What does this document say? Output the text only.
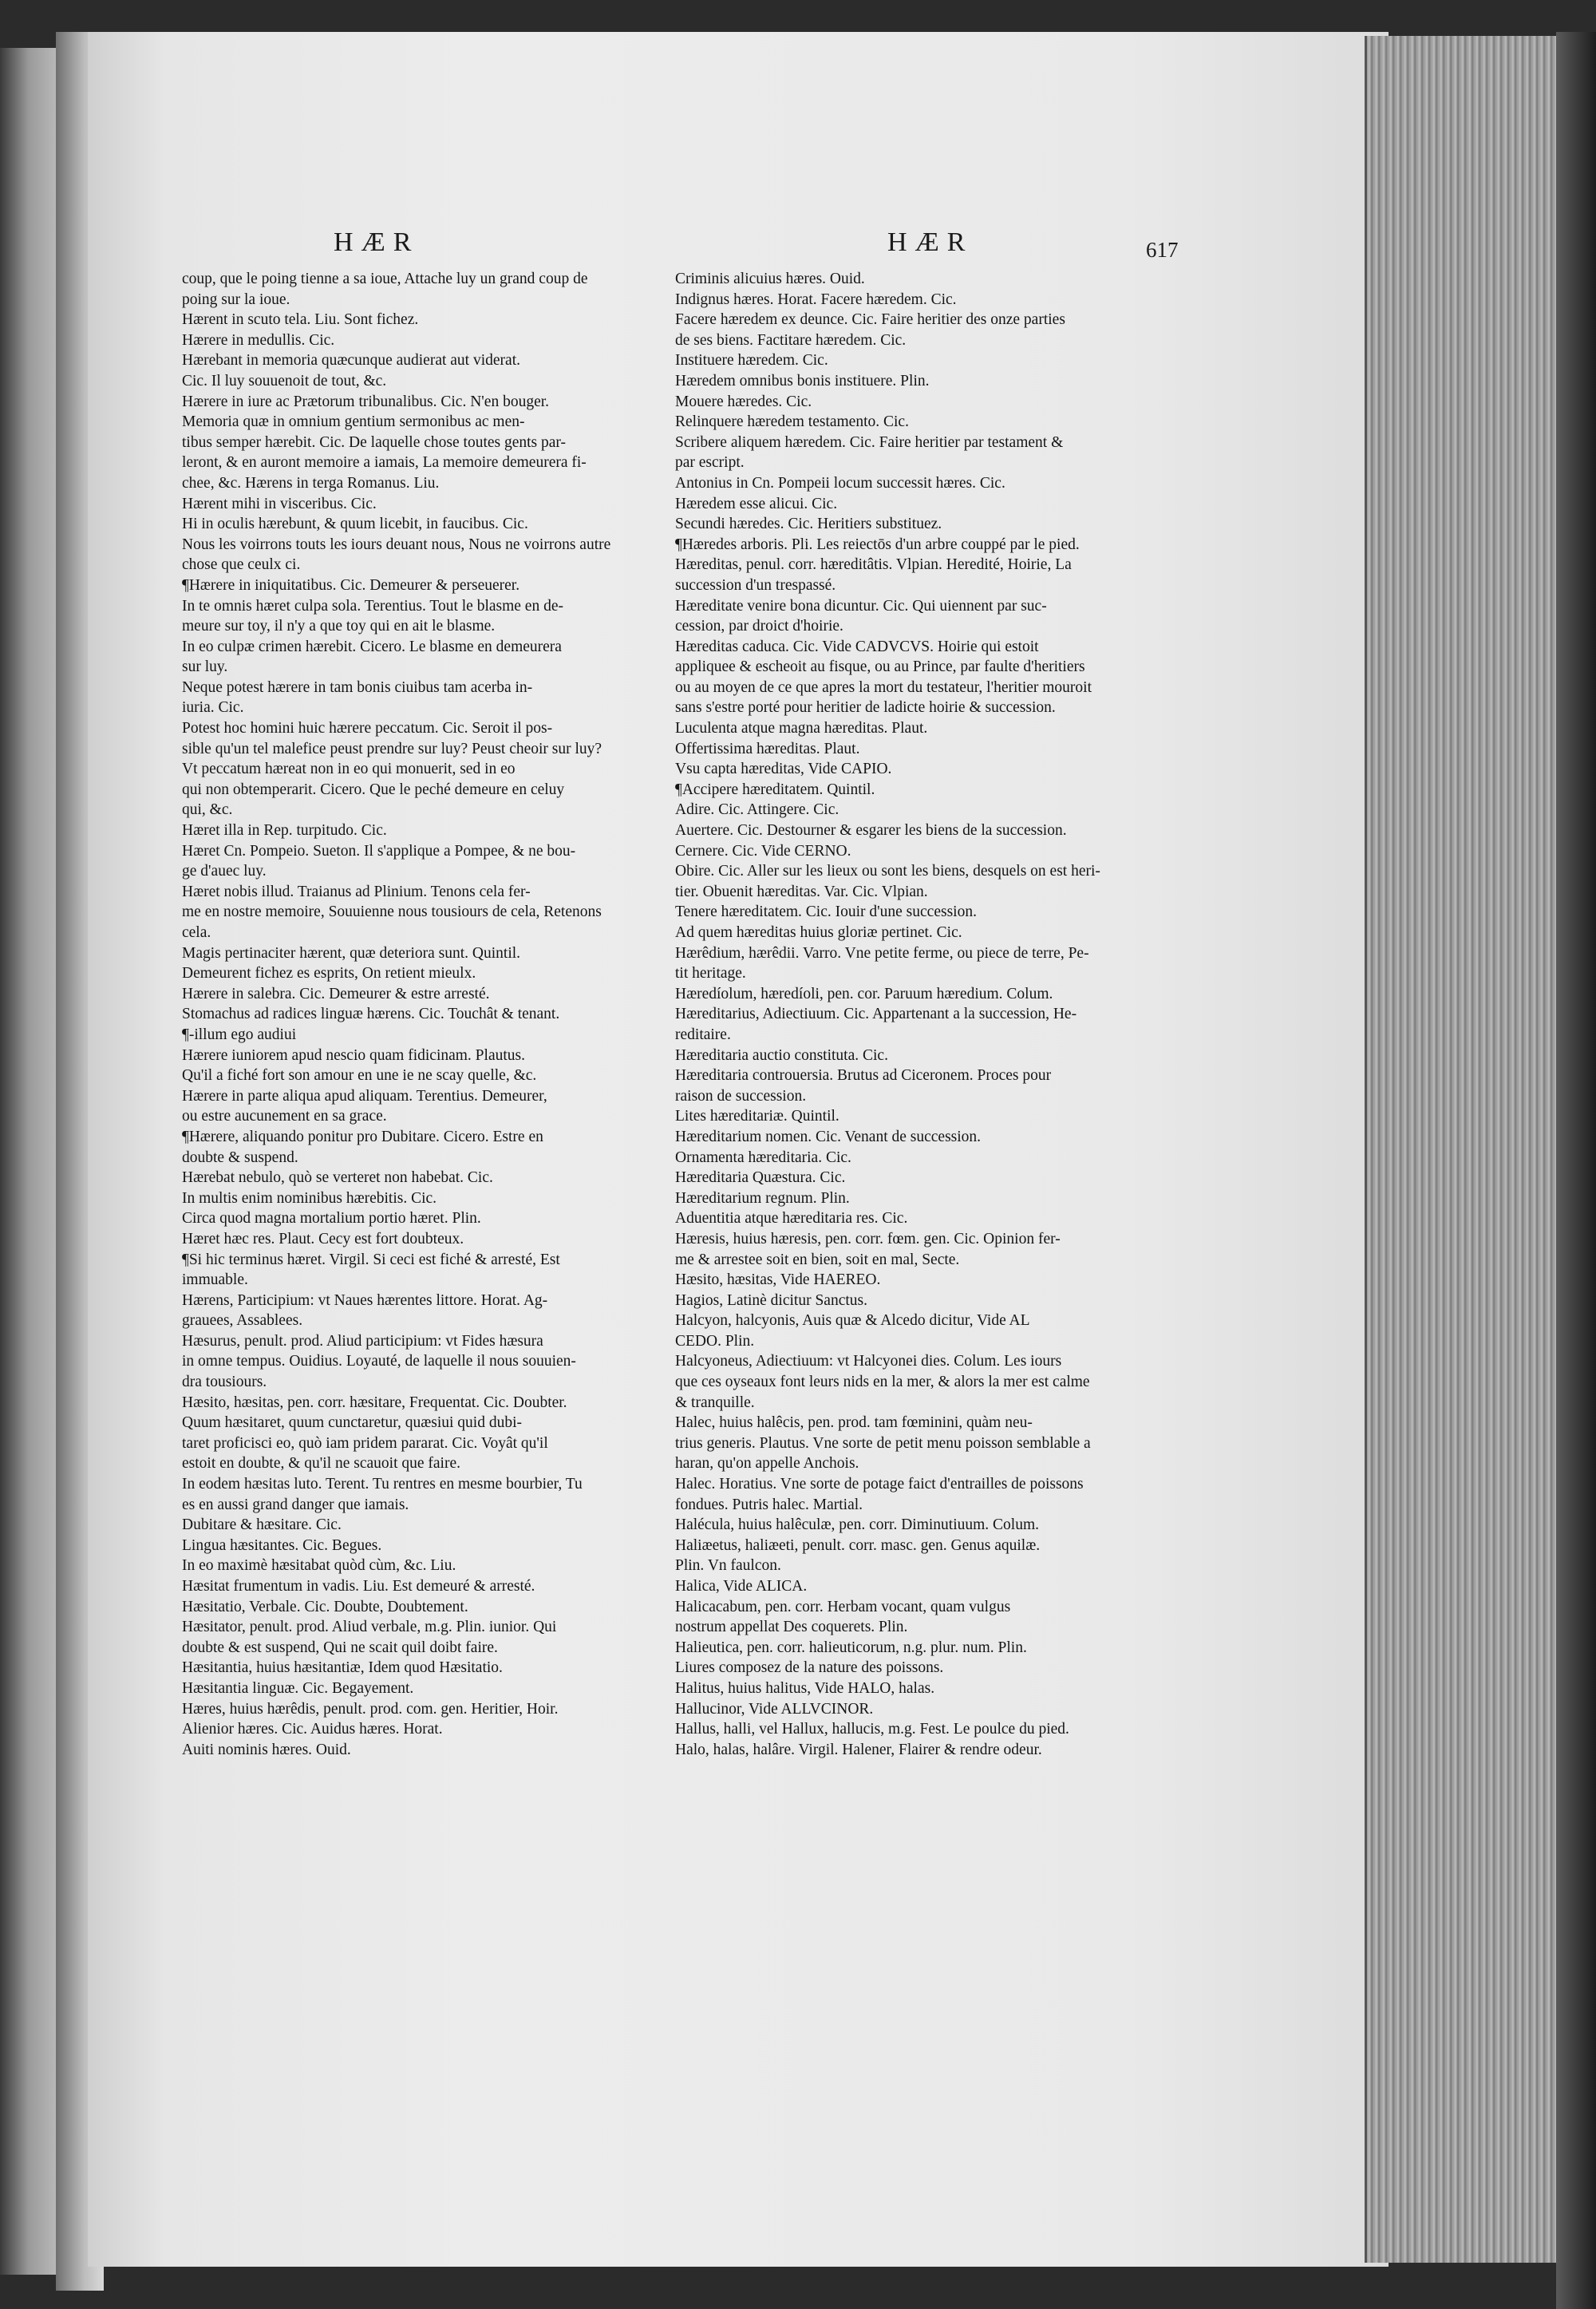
HÆR	HÆR	617
coup, que le poing tienne a sa ioue, Attache luy un grand coup de
poing sur la ioue.
Hærent in scuto tela. Liu. Sont fichez.
Hærere in medullis. Cic.
Hærebant in memoria quæcunque audierat aut viderat.
Cic. Il luy souuenoit de tout, &c.
Hærere in iure ac Prætorum tribunalibus. Cic. N'en bouger.
Memoria quæ in omnium gentium sermonibus ac men-
tibus semper hærebit. Cic. De laquelle chose toutes gents par-
leront, & en auront memoire a iamais, La memoire demeurera fi-
chee, &c. Hærens in terga Romanus. Liu.
Hærent mihi in visceribus. Cic.
Hi in oculis hærebunt, & quum licebit, in faucibus. Cic.
Nous les voirrons touts les iours deuant nous, Nous ne voirrons autre
chose que ceulx ci.
¶Hærere in iniquitatibus. Cic. Demeurer & perseuerer.
In te omnis hæret culpa sola. Terentius. Tout le blasme en de-
meure sur toy, il n'y a que toy qui en ait le blasme.
In eo culpæ crimen hærebit. Cicero. Le blasme en demeurera
sur luy.
Neque potest hærere in tam bonis ciuibus tam acerba in-
iuria. Cic.
Potest hoc homini huic hærere peccatum. Cic. Seroit il pos-
sible qu'un tel malefice peust prendre sur luy? Peust cheoir sur luy?
Vt peccatum hæreat non in eo qui monuerit, sed in eo
qui non obtemperarit. Cicero. Que le peché demeure en celuy
qui, &c.
Hæret illa in Rep. turpitudo. Cic.
Hæret Cn. Pompeio. Sueton. Il s'applique a Pompee, & ne bou-
ge d'auec luy.
Hæret nobis illud. Traianus ad Plinium. Tenons cela fer-
me en nostre memoire, Souuienne nous tousiours de cela, Retenons
cela.
Magis pertinaciter hærent, quæ deteriora sunt. Quintil.
Demeurent fichez es esprits, On retient mieulx.
Hærere in salebra. Cic. Demeurer & estre arresté.
Stomachus ad radices linguæ hærens. Cic. Touchât & tenant.
¶-illum ego audiui
Hærere iuniorem apud nescio quam fidicinam. Plautus.
Qu'il a fiché fort son amour en une ie ne scay quelle, &c.
Hærere in parte aliqua apud aliquam. Terentius. Demeurer,
ou estre aucunement en sa grace.
¶Hærere, aliquando ponitur pro Dubitare. Cicero. Estre en
doubte & suspend.
Hærebat nebulo, quò se verteret non habebat. Cic.
In multis enim nominibus hærebitis. Cic.
Circa quod magna mortalium portio hæret. Plin.
Hæret hæc res. Plaut. Cecy est fort doubteux.
¶Si hic terminus hæret. Virgil. Si ceci est fiché & arresté, Est
immuable.
Hærens, Participium: vt Naues hærentes littore. Horat. Ag-
grauees, Assablees.
Hæsurus, penult. prod. Aliud participium: vt Fides hæsura
in omne tempus. Ouidius. Loyauté, de laquelle il nous souuien-
dra tousiours.
Hæsito, hæsitas, pen. corr. hæsitare, Frequentat. Cic. Doubter.
Quum hæsitaret, quum cunctaretur, quæsiui quid dubi-
taret proficisci eo, quò iam pridem pararat. Cic. Voyât qu'il
estoit en doubte, & qu'il ne scauoit que faire.
In eodem hæsitas luto. Terent. Tu rentres en mesme bourbier, Tu
es en aussi grand danger que iamais.
Dubitare & hæsitare. Cic.
Lingua hæsitantes. Cic. Begues.
In eo maximè hæsitabat quòd cùm, &c. Liu.
Hæsitat frumentum in vadis. Liu. Est demeuré & arresté.
Hæsitatio, Verbale. Cic. Doubte, Doubtement.
Hæsitator, penult. prod. Aliud verbale, m.g. Plin. iunior. Qui
doubte & est suspend, Qui ne scait quil doibt faire.
Hæsitantia, huius hæsitantiæ, Idem quod Hæsitatio.
Hæsitantia linguæ. Cic. Begayement.
Hæres, huius hærêdis, penult. prod. com. gen. Heritier, Hoir.
Alienior hæres. Cic. Auidus hæres. Horat.
Auiti nominis hæres. Ouid.
Criminis alicuius hæres. Ouid.
Indignus hæres. Horat. Facere hæredem. Cic.
Facere hæredem ex deunce. Cic. Faire heritier des onze parties
de ses biens. Factitare hæredem. Cic.
Instituere hæredem. Cic.
Hæredem omnibus bonis instituere. Plin.
Mouere hæredes. Cic.
Relinquere hæredem testamento. Cic.
Scribere aliquem hæredem. Cic. Faire heritier par testament &
par escript.
Antonius in Cn. Pompeii locum successit hæres. Cic.
Hæredem esse alicui. Cic.
Secundi hæredes. Cic. Heritiers substituez.
¶Hæredes arboris. Pli. Les reiectōs d'un arbre couppé par le pied.
Hæreditas, penul. corr. hæreditâtis. Vlpian. Heredité, Hoirie, La
succession d'un trespassé.
Hæreditate venire bona dicuntur. Cic. Qui uiennent par suc-
cession, par droict d'hoirie.
Hæreditas caduca. Cic. Vide CADVCVS. Hoirie qui estoit
appliquee & escheoit au fisque, ou au Prince, par faulte d'heritiers
ou au moyen de ce que apres la mort du testateur, l'heritier mouroit
sans s'estre porté pour heritier de ladicte hoirie & succession.
Luculenta atque magna hæreditas. Plaut.
Offertissima hæreditas. Plaut.
Vsu capta hæreditas, Vide CAPIO.
¶Accipere hæreditatem. Quintil.
Adire. Cic. Attingere. Cic.
Auertere. Cic. Destourner & esgarer les biens de la succession.
Cernere. Cic. Vide CERNO.
Obire. Cic. Aller sur les lieux ou sont les biens, desquels on est heri-
tier. Obuenit hæreditas. Var. Cic. Vlpian.
Tenere hæreditatem. Cic. Iouir d'une succession.
Ad quem hæreditas huius gloriæ pertinet. Cic.
Hærêdium, hærêdii. Varro. Vne petite ferme, ou piece de terre, Pe-
tit heritage.
Hæredíolum, hæredíoli, pen. cor. Paruum hæredium. Colum.
Hæreditarius, Adiectiuum. Cic. Appartenant a la succession, He-
reditaire.
Hæreditaria auctio constituta. Cic.
Hæreditaria controuersia. Brutus ad Ciceronem. Proces pour
raison de succession.
Lites hæreditariæ. Quintil.
Hæreditarium nomen. Cic. Venant de succession.
Ornamenta hæreditaria. Cic.
Hæreditaria Quæstura. Cic.
Hæreditarium regnum. Plin.
Aduentitia atque hæreditaria res. Cic.
Hæresis, huius hæresis, pen. corr. fœm. gen. Cic. Opinion fer-
me & arrestee soit en bien, soit en mal, Secte.
Hæsito, hæsitas, Vide HAEREO.
Hagios, Latinè dicitur Sanctus.
Halcyon, halcyonis, Auis quæ & Alcedo dicitur, Vide AL
CEDO. Plin.
Halcyoneus, Adiectiuum: vt Halcyonei dies. Colum. Les iours
que ces oyseaux font leurs nids en la mer, & alors la mer est calme
& tranquille.
Halec, huius halêcis, pen. prod. tam fœminini, quàm neu-
trius generis. Plautus. Vne sorte de petit menu poisson semblable a
haran, qu'on appelle Anchois.
Halec. Horatius. Vne sorte de potage faict d'entrailles de poissons
fondues. Putris halec. Martial.
Halécula, huius halêculæ, pen. corr. Diminutiuum. Colum.
Haliæetus, haliæeti, penult. corr. masc. gen. Genus aquilæ.
Plin. Vn faulcon.
Halica, Vide ALICA.
Halicacabum, pen. corr. Herbam vocant, quam vulgus
nostrum appellat Des coquerets. Plin.
Halieutica, pen. corr. halieuticorum, n.g. plur. num. Plin.
Liures composez de la nature des poissons.
Halitus, huius halitus, Vide HALO, halas.
Hallucinor, Vide ALLVCINOR.
Hallus, halli, vel Hallux, hallucis, m.g. Fest. Le poulce du pied.
Halo, halas, halâre. Virgil. Halener, Flairer & rendre odeur.
